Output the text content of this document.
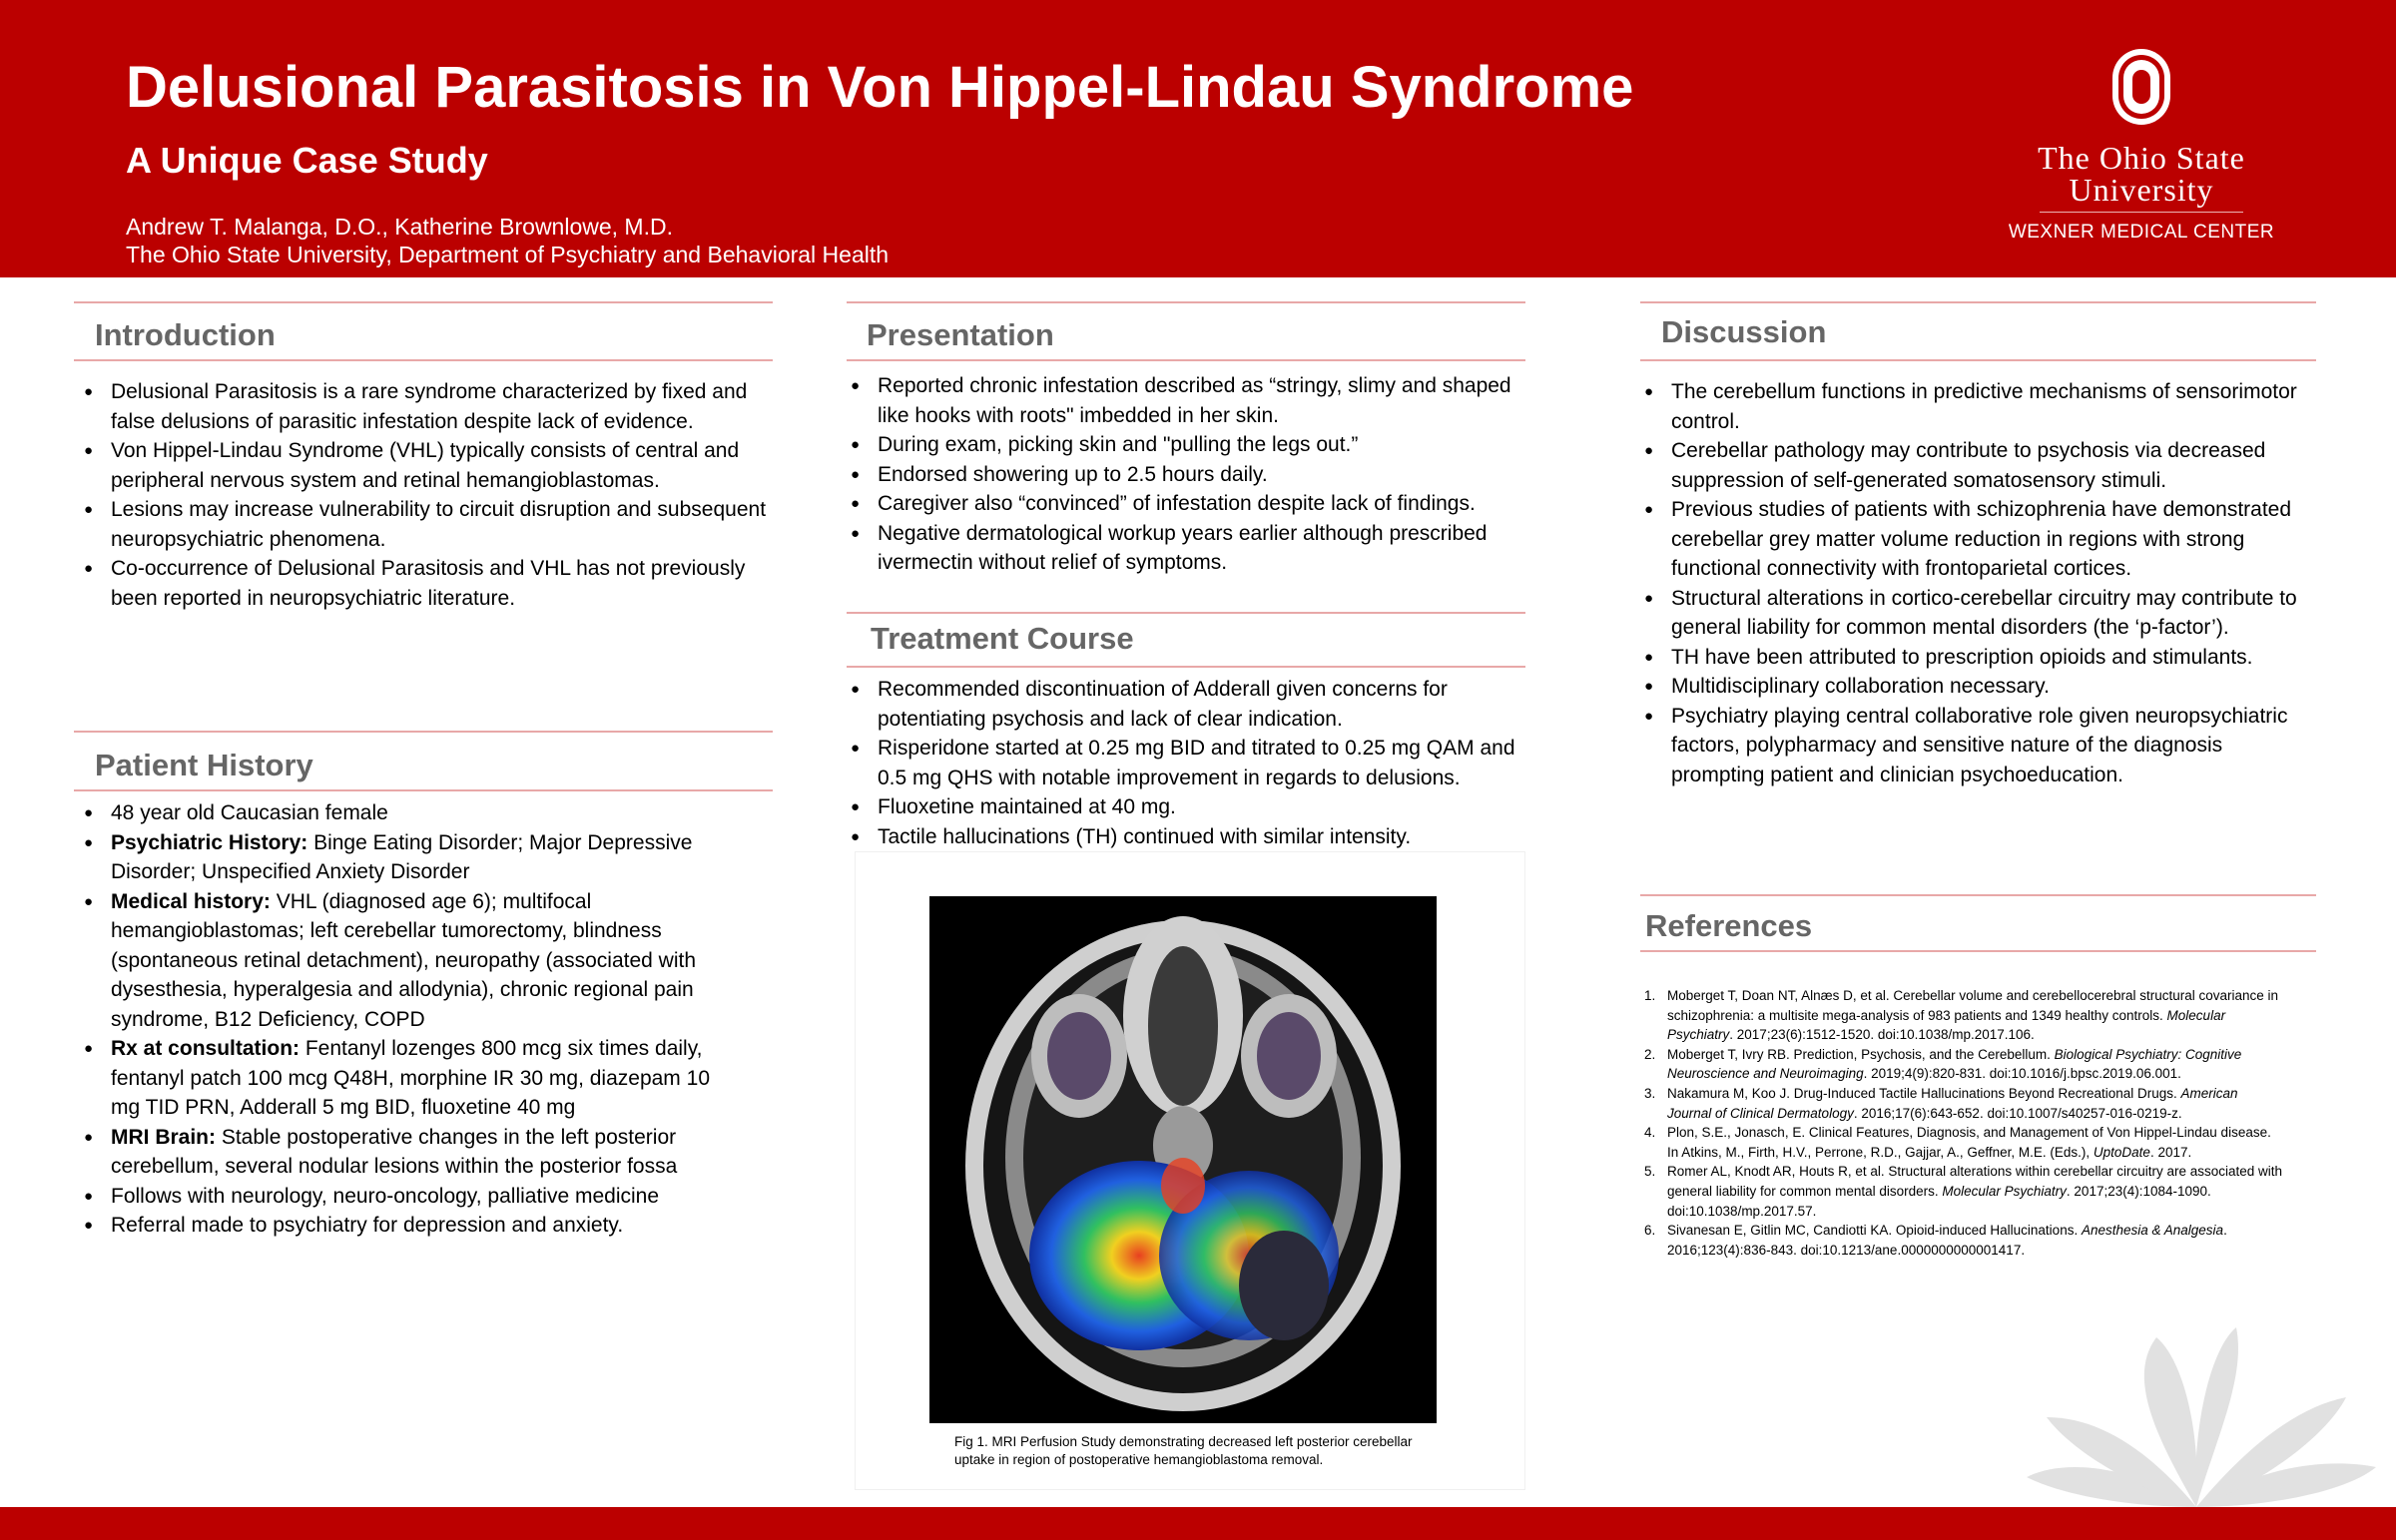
Delusional Parasitosis in Von Hippel-Lindau Syndrome
A Unique Case Study
Andrew T. Malanga, D.O., Katherine Brownlowe, M.D.
The Ohio State University, Department of Psychiatry and Behavioral Health
The Ohio State
University
WEXNER MEDICAL CENTER
Introduction
● Delusional Parasitosis is a rare syndrome characterized by fixed and false delusions of parasitic infestation despite lack of evidence.
● Von Hippel-Lindau Syndrome (VHL) typically consists of central and peripheral nervous system and retinal hemangioblastomas.
● Lesions may increase vulnerability to circuit disruption and subsequent neuropsychiatric phenomena.
● Co-occurrence of Delusional Parasitosis and VHL has not previously been reported in neuropsychiatric literature.
Patient History
● 48 year old Caucasian female
● Psychiatric History: Binge Eating Disorder; Major Depressive Disorder; Unspecified Anxiety Disorder
● Medical history: VHL (diagnosed age 6); multifocal hemangioblastomas; left cerebellar tumorectomy, blindness (spontaneous retinal detachment), neuropathy (associated with dysesthesia, hyperalgesia and allodynia), chronic regional pain syndrome, B12 Deficiency, COPD
● Rx at consultation: Fentanyl lozenges 800 mcg six times daily, fentanyl patch 100 mcg Q48H, morphine IR 30 mg, diazepam 10 mg TID PRN, Adderall 5 mg BID, fluoxetine 40 mg
● MRI Brain: Stable postoperative changes in the left posterior cerebellum, several nodular lesions within the posterior fossa
● Follows with neurology, neuro-oncology, palliative medicine
● Referral made to psychiatry for depression and anxiety.
Presentation
● Reported chronic infestation described as “stringy, slimy and shaped like hooks with roots" imbedded in her skin.
● During exam, picking skin and "pulling the legs out.”
● Endorsed showering up to 2.5 hours daily.
● Caregiver also “convinced” of infestation despite lack of findings.
● Negative dermatological workup years earlier although prescribed ivermectin without relief of symptoms.
Treatment Course
● Recommended discontinuation of Adderall given concerns for potentiating psychosis and lack of clear indication.
● Risperidone started at 0.25 mg BID and titrated to 0.25 mg QAM and 0.5 mg QHS with notable improvement in regards to delusions.
● Fluoxetine maintained at 40 mg.
● Tactile hallucinations (TH) continued with similar intensity.
Fig 1. MRI Perfusion Study demonstrating decreased left posterior cerebellar uptake in region of postoperative hemangioblastoma removal.
Discussion
● The cerebellum functions in predictive mechanisms of sensorimotor control.
● Cerebellar pathology may contribute to psychosis via decreased suppression of self-generated somatosensory stimuli.
● Previous studies of patients with schizophrenia have demonstrated cerebellar grey matter volume reduction in regions with strong functional connectivity with frontoparietal cortices.
● Structural alterations in cortico-cerebellar circuitry may contribute to general liability for common mental disorders (the ‘p-factor’).
● TH have been attributed to prescription opioids and stimulants.
● Multidisciplinary collaboration necessary.
● Psychiatry playing central collaborative role given neuropsychiatric factors, polypharmacy and sensitive nature of the diagnosis prompting patient and clinician psychoeducation.
References
1. Moberget T, Doan NT, Alnæs D, et al. Cerebellar volume and cerebellocerebral structural covariance in schizophrenia: a multisite mega-analysis of 983 patients and 1349 healthy controls. Molecular Psychiatry. 2017;23(6):1512-1520. doi:10.1038/mp.2017.106.
2. Moberget T, Ivry RB. Prediction, Psychosis, and the Cerebellum. Biological Psychiatry: Cognitive Neuroscience and Neuroimaging. 2019;4(9):820-831. doi:10.1016/j.bpsc.2019.06.001.
3. Nakamura M, Koo J. Drug-Induced Tactile Hallucinations Beyond Recreational Drugs. American Journal of Clinical Dermatology. 2016;17(6):643-652. doi:10.1007/s40257-016-0219-z.
4. Plon, S.E., Jonasch, E. Clinical Features, Diagnosis, and Management of Von Hippel-Lindau disease. In Atkins, M., Firth, H.V., Perrone, R.D., Gajjar, A., Geffner, M.E. (Eds.), UptoDate. 2017.
5. Romer AL, Knodt AR, Houts R, et al. Structural alterations within cerebellar circuitry are associated with general liability for common mental disorders. Molecular Psychiatry. 2017;23(4):1084-1090. doi:10.1038/mp.2017.57.
6. Sivanesan E, Gitlin MC, Candiotti KA. Opioid-induced Hallucinations. Anesthesia & Analgesia. 2016;123(4):836-843. doi:10.1213/ane.0000000000001417.
